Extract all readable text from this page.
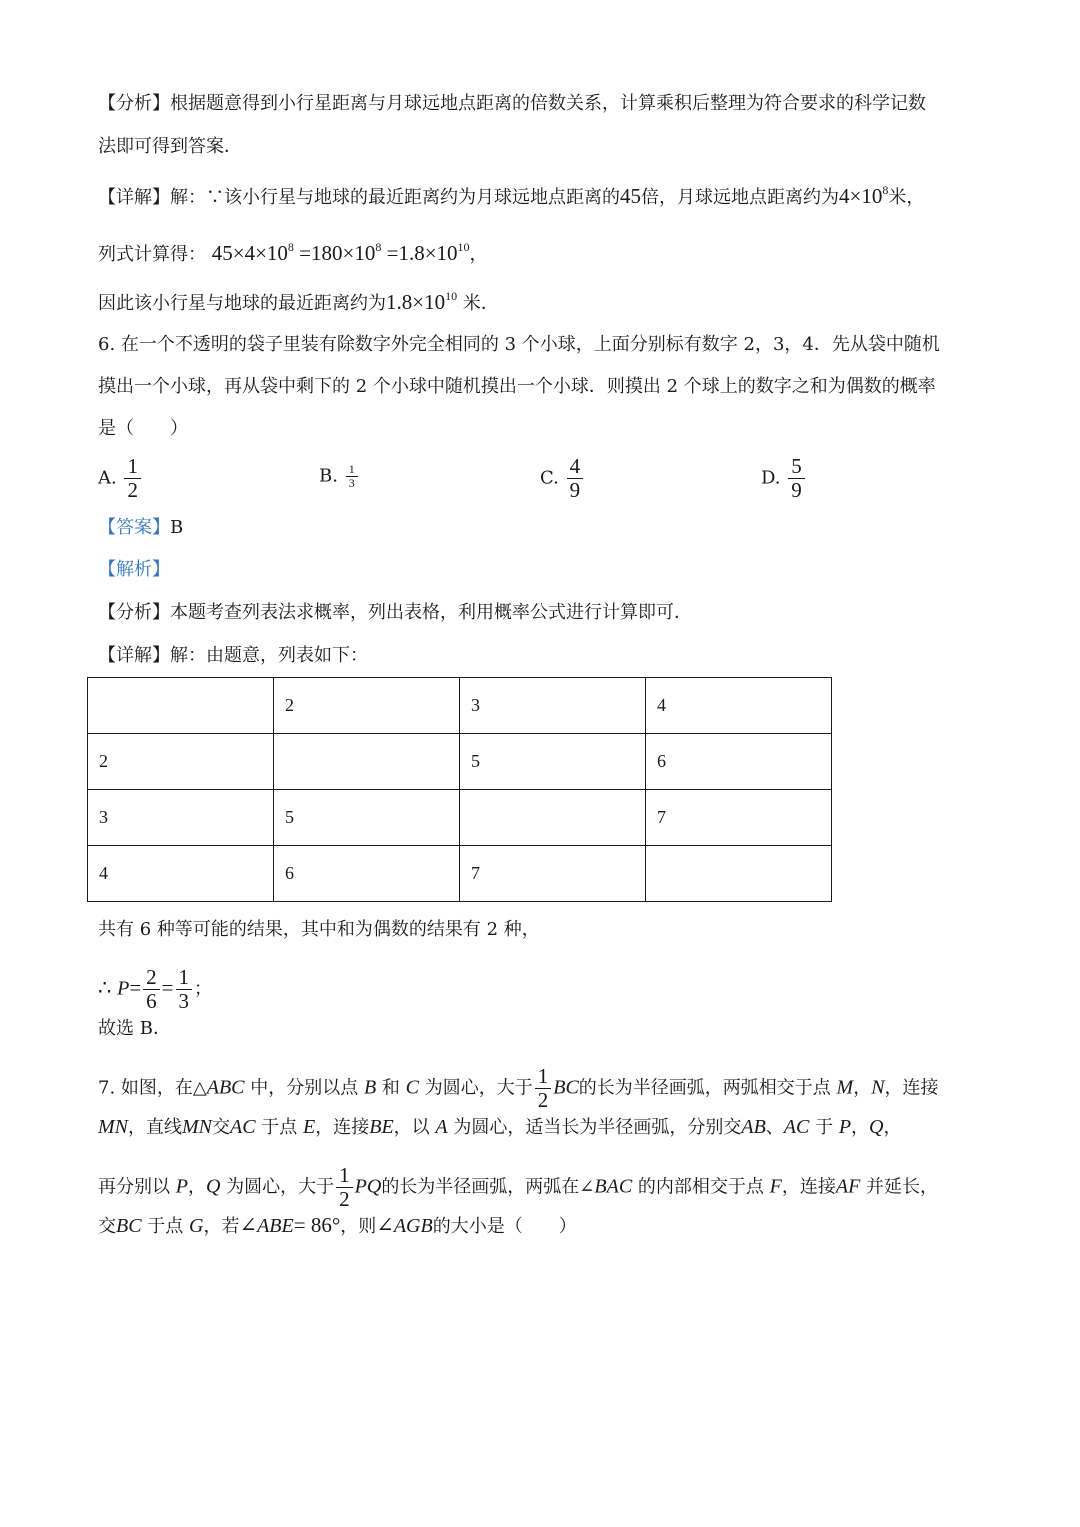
【分析】根据题意得到小行星距离与月球远地点距离的倍数关系，计算乘积后整理为符合要求的科学记数
法即可得到答案．
【详解】解：∵该小行星与地球的最近距离约为月球远地点距离的45倍，月球远地点距离约为$4\times 10^8$米，
列式计算得： $45\times 4\times 10^8 =180\times 10^8 =1.8\times 10^{10}$，
因此该小行星与地球的最近距离约为$1.8\times 10^{10}$ 米．
6. 在一个不透明的袋子里装有除数字外完全相同的 3 个小球，上面分别标有数字 2，3，4．先从袋中随机
摸出一个小球，再从袋中剩下的 2 个小球中随机摸出一个小球．则摸出 2 个球上的数字之和为偶数的概率
是（　　）
A. $\frac{1}{2}$	B. $\frac{1}{3}$	C. $\frac{4}{9}$	D. $\frac{5}{9}$
【答案】B
【解析】
【分析】本题考查列表法求概率，列出表格，利用概率公式进行计算即可．
【详解】解：由题意，列表如下：
	2	3	4
2		5	6
3	5		7
4	6	7	
共有 6 种等可能的结果，其中和为偶数的结果有 2 种，
∴ $P= \frac{2}{6} = \frac{1}{3}$ ；
故选 B．
7. 如图，在△ABC 中，分别以点 B 和 C 为圆心，大于 $\frac{1}{2}$ BC的长为半径画弧，两弧相交于点 M，N，连接
MN，直线MN交AC 于点 E，连接BE，以 A 为圆心，适当长为半径画弧，分别交AB、AC 于 P，Q，
再分别以 P，Q 为圆心，大于 $\frac{1}{2}$ PQ的长为半径画弧，两弧在∠BAC 的内部相交于点 F，连接AF 并延长，
交BC 于点 G，若∠ABE= 86°，则∠AGB的大小是（　　）
